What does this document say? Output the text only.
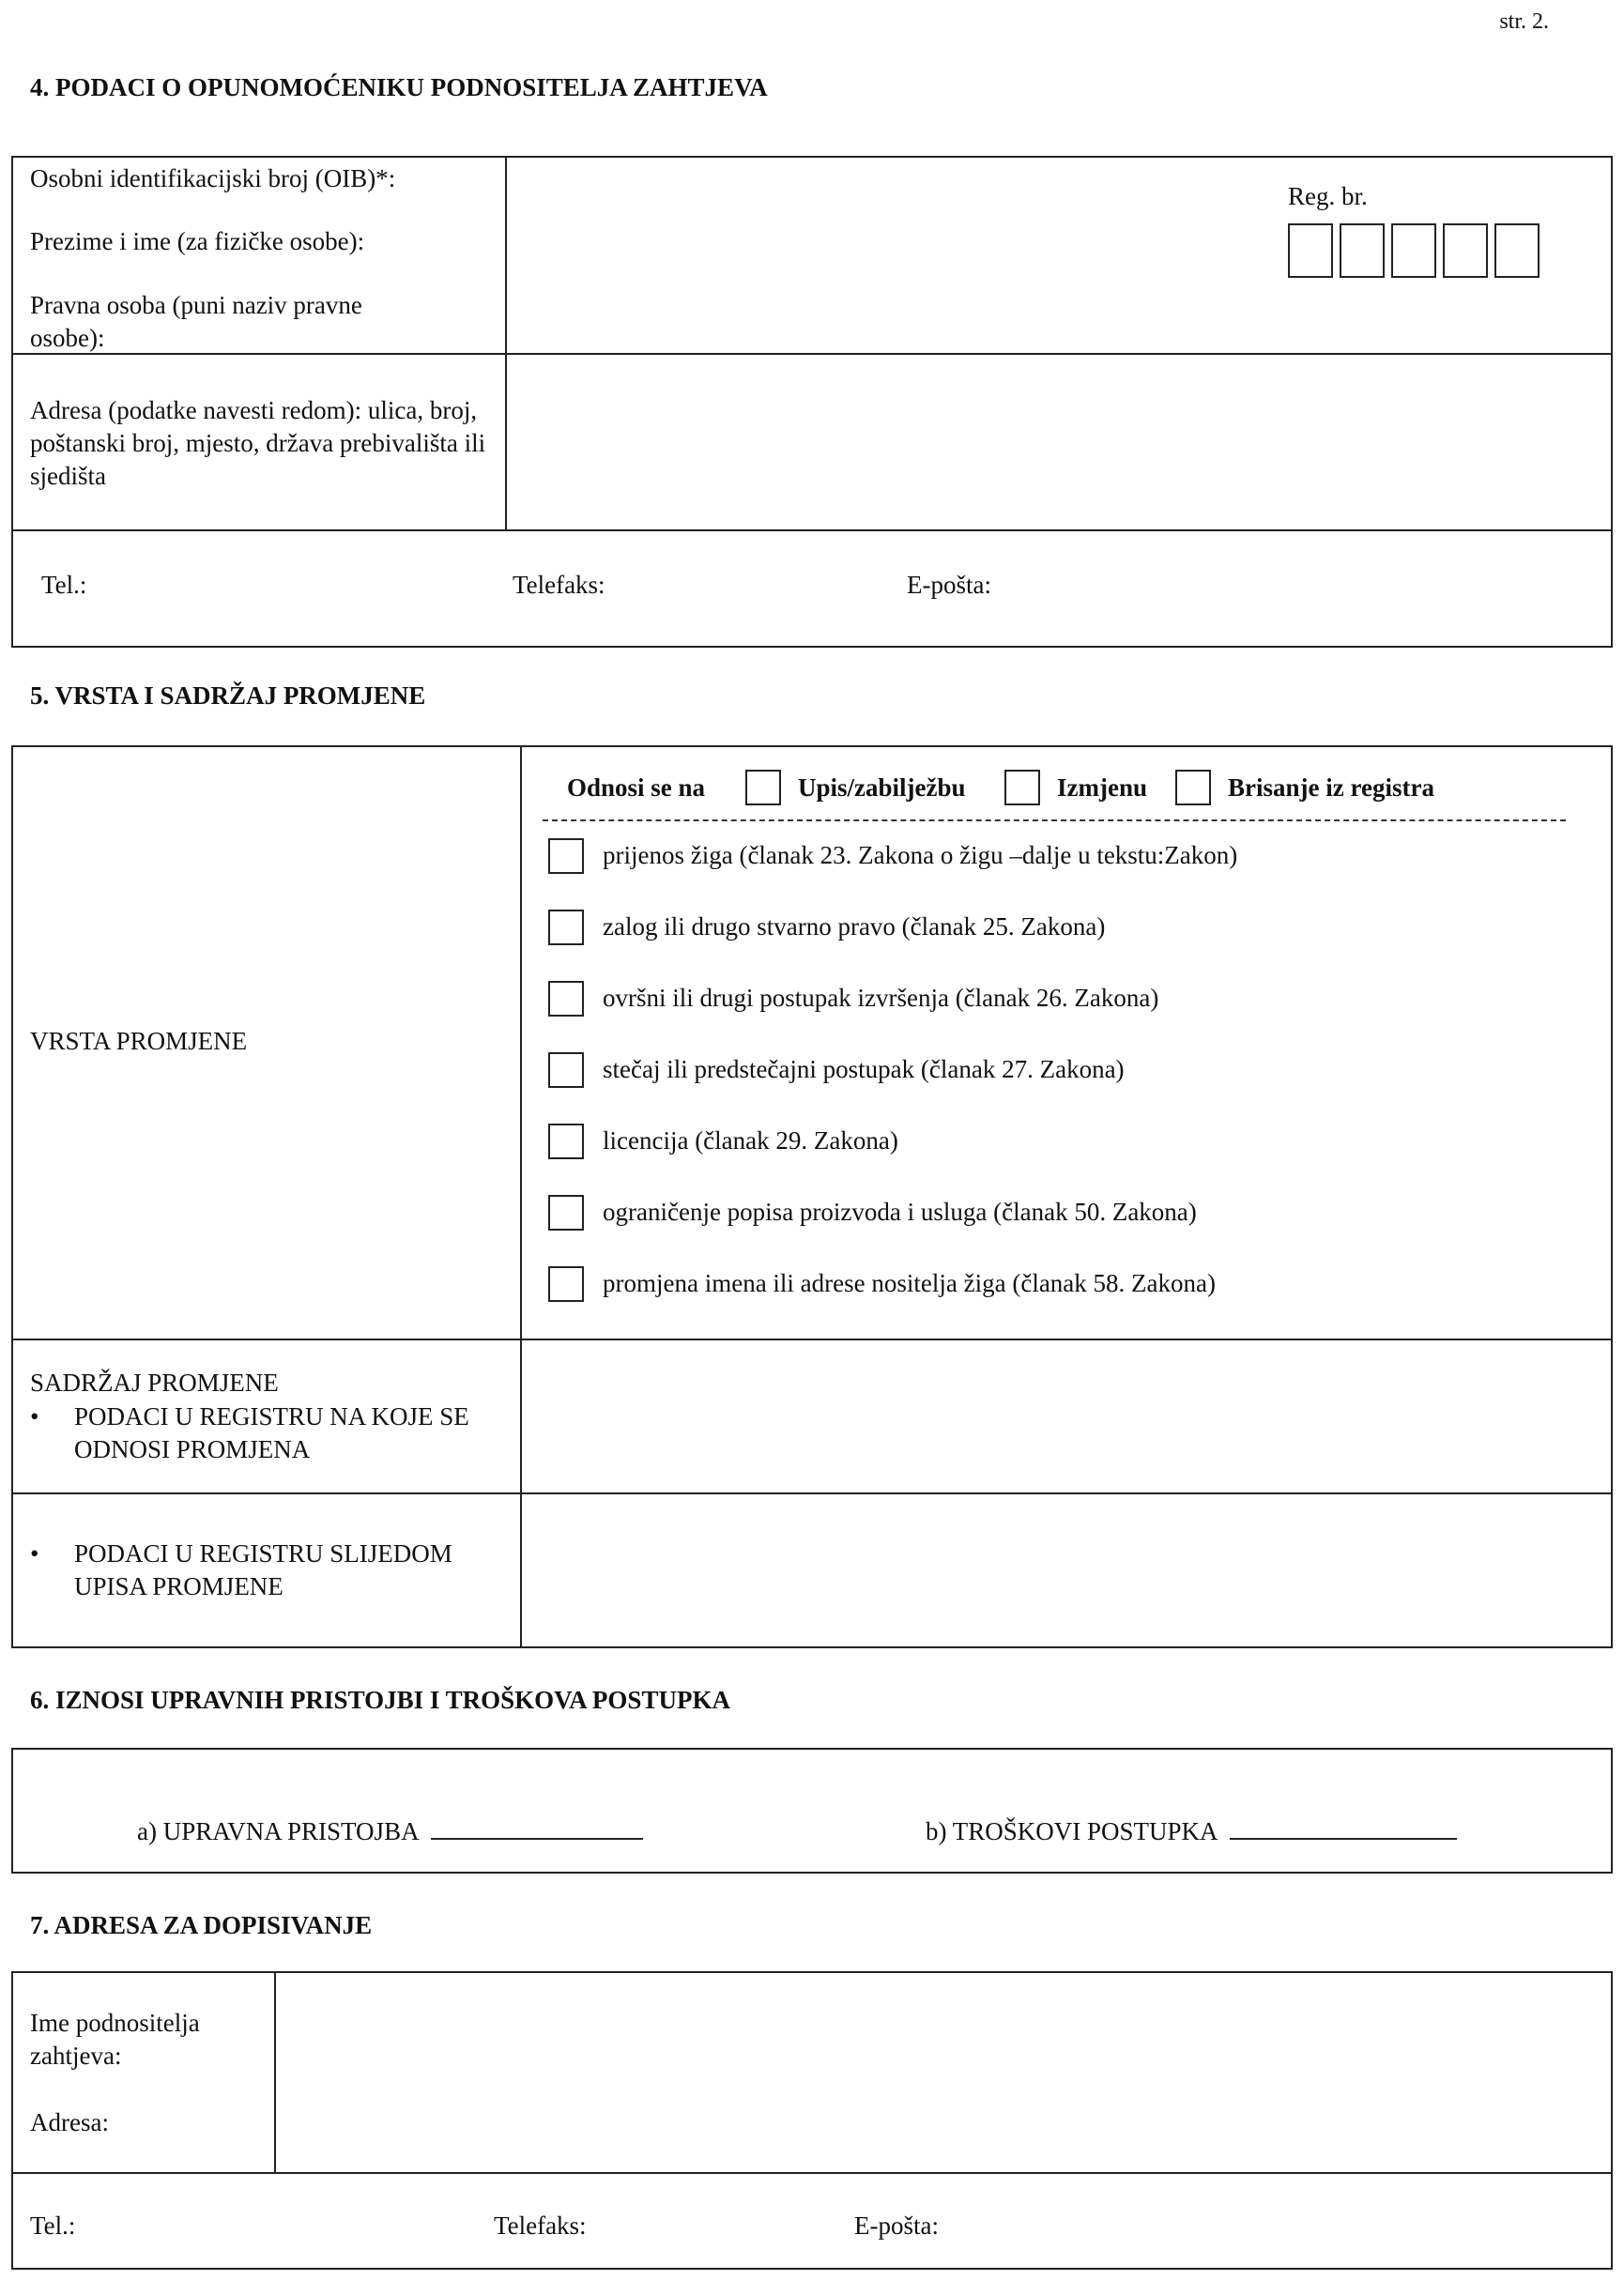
str. 2.
4. PODACI O OPUNOMOĆENIKU PODNOSITELJA ZAHTJEVA
Osobni identifikacijski broj (OIB)*:
Prezime i ime (za fizičke osobe):
Pravna osoba (puni naziv pravne osobe):
Reg. br.
Adresa (podatke navesti redom): ulica, broj, poštanski broj, mjesto, država prebivališta ili sjedišta
Tel.:	Telefaks:	E-pošta:
5. VRSTA I SADRŽAJ PROMJENE
Odnosi se na	Upis/zabilježbu	Izmjenu	Brisanje iz registra
VRSTA PROMJENE
prijenos žiga (članak 23. Zakona o žigu –dalje u tekstu:Zakon)
zalog ili drugo stvarno pravo (članak 25. Zakona)
ovršni ili drugi postupak izvršenja (članak 26. Zakona)
stečaj ili predstečajni postupak (članak 27. Zakona)
licencija (članak 29. Zakona)
ograničenje popisa proizvoda i usluga (članak 50. Zakona)
promjena imena ili adrese nositelja žiga (članak 58. Zakona)
SADRŽAJ PROMJENE
• PODACI U REGISTRU NA KOJE SE ODNOSI PROMJENA
• PODACI U REGISTRU SLIJEDOM UPISA PROMJENE
6. IZNOSI UPRAVNIH PRISTOJBI I TROŠKOVA POSTUPKA
a) UPRAVNA PRISTOJBA	b) TROŠKOVI POSTUPKA
7. ADRESA ZA DOPISIVANJE
Ime podnositelja zahtjeva:
Adresa:
Tel.:	Telefaks:	E-pošta:
